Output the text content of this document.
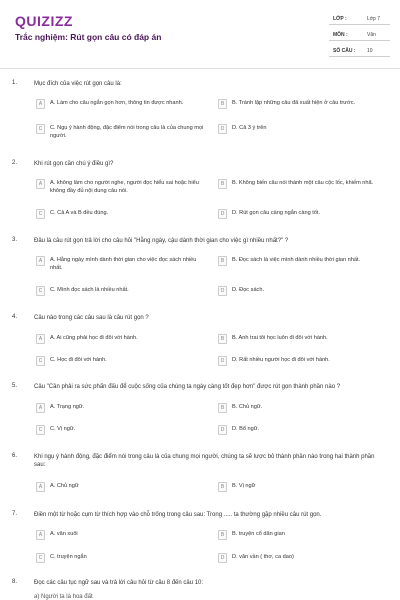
QUIZIZZ
Trắc nghiệm: Rút gọn câu có đáp án
LỚP :	Lớp 7
MÔN :	Văn
SỐ CÂU : 10
1.	Mục đích của việc rút gọn câu là:
A	A. Làm cho câu ngắn gọn hơn, thông tin được nhanh.	B	B. Tránh lặp những câu đã xuất hiện ở câu trước.
C	C. Ngụ ý hành động, đặc điểm nói trong câu là của chung mọi người.
D	D. Cả 3 ý trên
2.	Khi rút gọn cần chú ý điều gì?
A	A. không làm cho người nghe, người đọc hiểu sai hoặc hiểu không đầy đủ nội dung câu nói.
B	B. Không biến câu nói thành một câu cộc lốc, khiếm nhã.
C	C. Cả A và B đều đúng.	D	D. Rút gọn câu càng ngắn càng tốt.
3.	Đâu là câu rút gọn trả lời cho câu hỏi "Hằng ngày, cậu dành thời gian cho việc gì nhiều nhất?" ?
A	A. Hằng ngày mình dành thời gian cho việc đọc sách nhiều nhất.
B	B. Đọc sách là việc mình dành nhiều thời gian nhất.
C	C. Mình đọc sách là nhiều nhất.	D	D. Đọc sách.
4.	Câu nào trong các câu sau là câu rút gọn ?
A	A. Ai cũng phải học đi đôi với hành.	B	B. Anh trai tôi học luôn đi đôi với hành.
C	C. Học đi đôi với hành.	D	D. Rất nhiều người học đi đôi với hành.
5.	Câu "Cần phải ra sức phấn đấu để cuộc sống của chúng ta ngày càng tốt đẹp hơn" được rút gọn thành phần nào ?
A	A. Trạng ngữ.	B	B. Chủ ngữ.
C	C. Vị ngữ.	D	D. Bổ ngữ.
6.	Khi ngụ ý hành động, đặc điểm nói trong câu là của chung mọi người, chúng ta sẽ lược bỏ thành phần nào trong hai thành phần sau:
A	A. Chủ ngữ	B	B. Vị ngữ
7.	Điền một từ hoặc cụm từ thích hợp vào chỗ trống trong câu sau: Trong ..... ta thường gặp nhiều câu rút gọn.
A	A. văn xuôi	B	B. truyện cổ dân gian
C	C. truyện ngắn	D	D. văn vần ( thơ, ca dao)
8.	Đọc các câu tục ngữ sau và trả lời câu hỏi từ câu 8 đến câu 10:
a) Người ta là hoa đất
